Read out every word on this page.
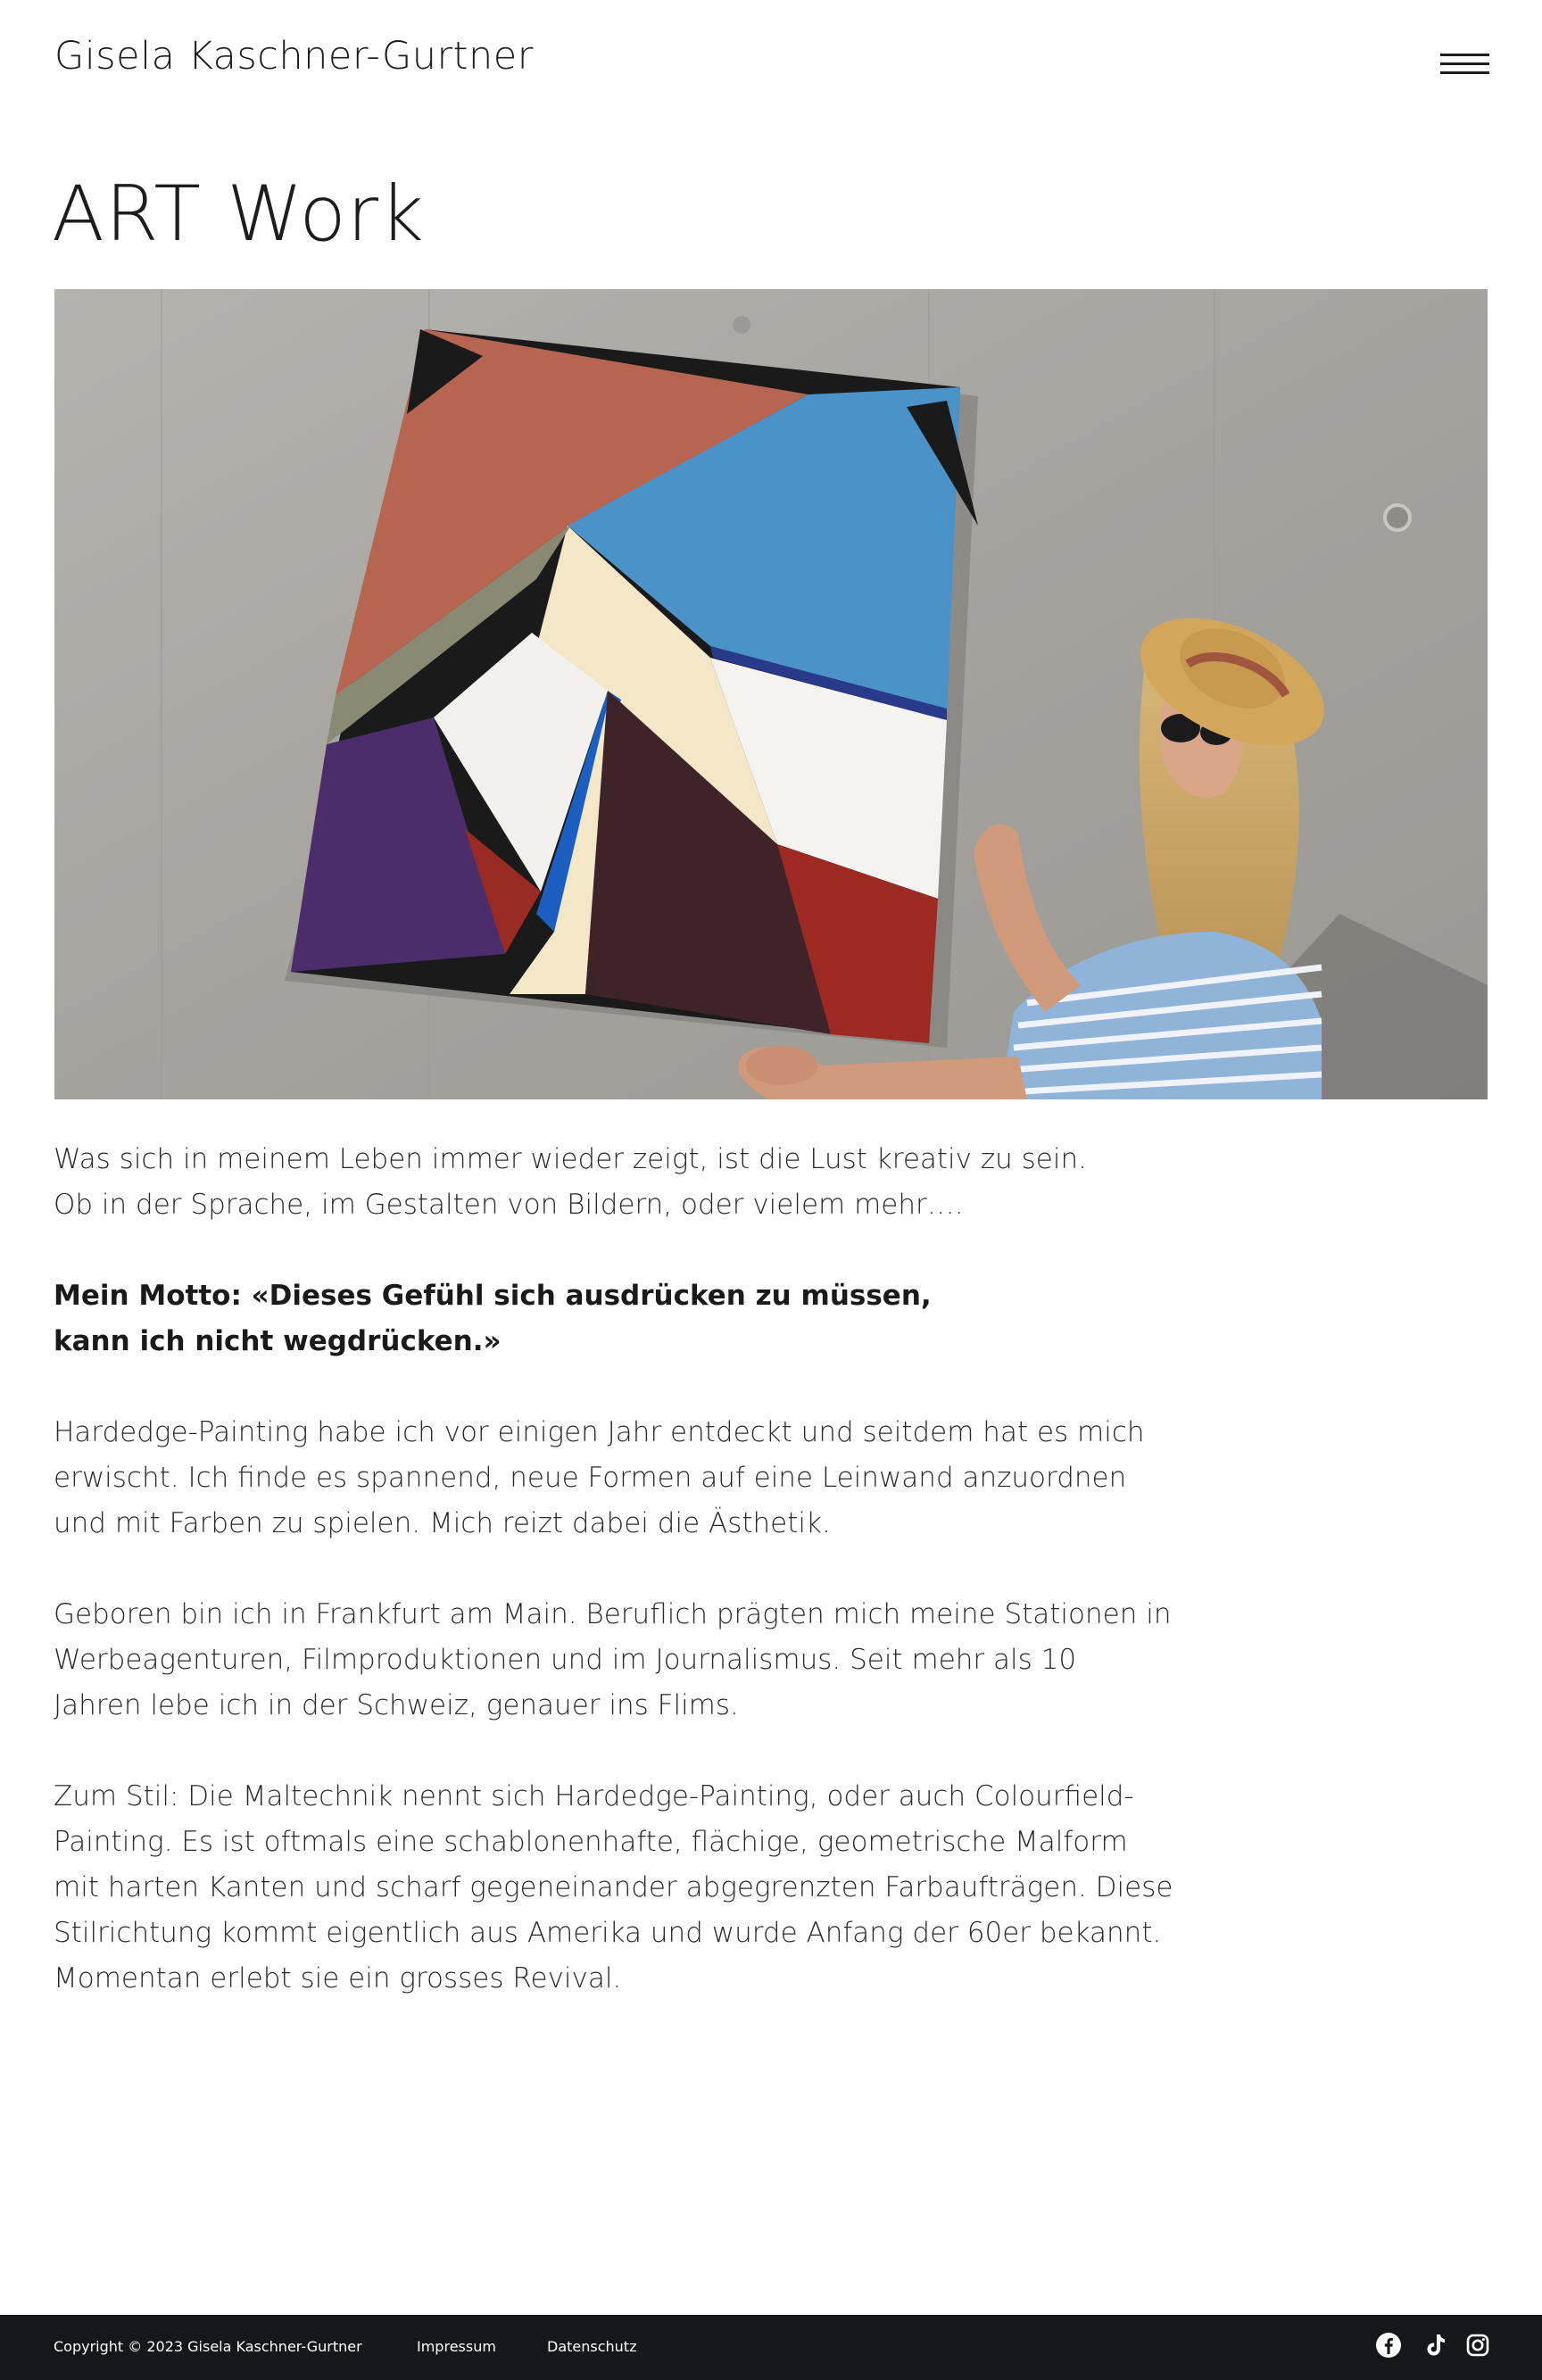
Gisela Kaschner-Gurtner
ART Work

Was sich in meinem Leben immer wieder zeigt, ist die Lust kreativ zu sein.
Ob in der Sprache, im Gestalten von Bildern, oder vielem mehr….

Mein Motto: «Dieses Gefühl sich ausdrücken zu müssen,
kann ich nicht wegdrücken.»

Hardedge-Painting habe ich vor einigen Jahr entdeckt und seitdem hat es mich
erwischt. Ich finde es spannend, neue Formen auf eine Leinwand anzuordnen
und mit Farben zu spielen. Mich reizt dabei die Ästhetik.

Geboren bin ich in Frankfurt am Main. Beruflich prägten mich meine Stationen in
Werbeagenturen, Filmproduktionen und im Journalismus. Seit mehr als 10
Jahren lebe ich in der Schweiz, genauer ins Flims.

Zum Stil: Die Maltechnik nennt sich Hardedge-Painting, oder auch Colourfield-
Painting. Es ist oftmals eine schablonenhafte, flächige, geometrische Malform
mit harten Kanten und scharf gegeneinander abgegrenzten Farbaufträgen. Diese
Stilrichtung kommt eigentlich aus Amerika und wurde Anfang der 60er bekannt.
Momentan erlebt sie ein grosses Revival.

Copyright © 2023 Gisela Kaschner-Gurtner	Impressum	Datenschutz
